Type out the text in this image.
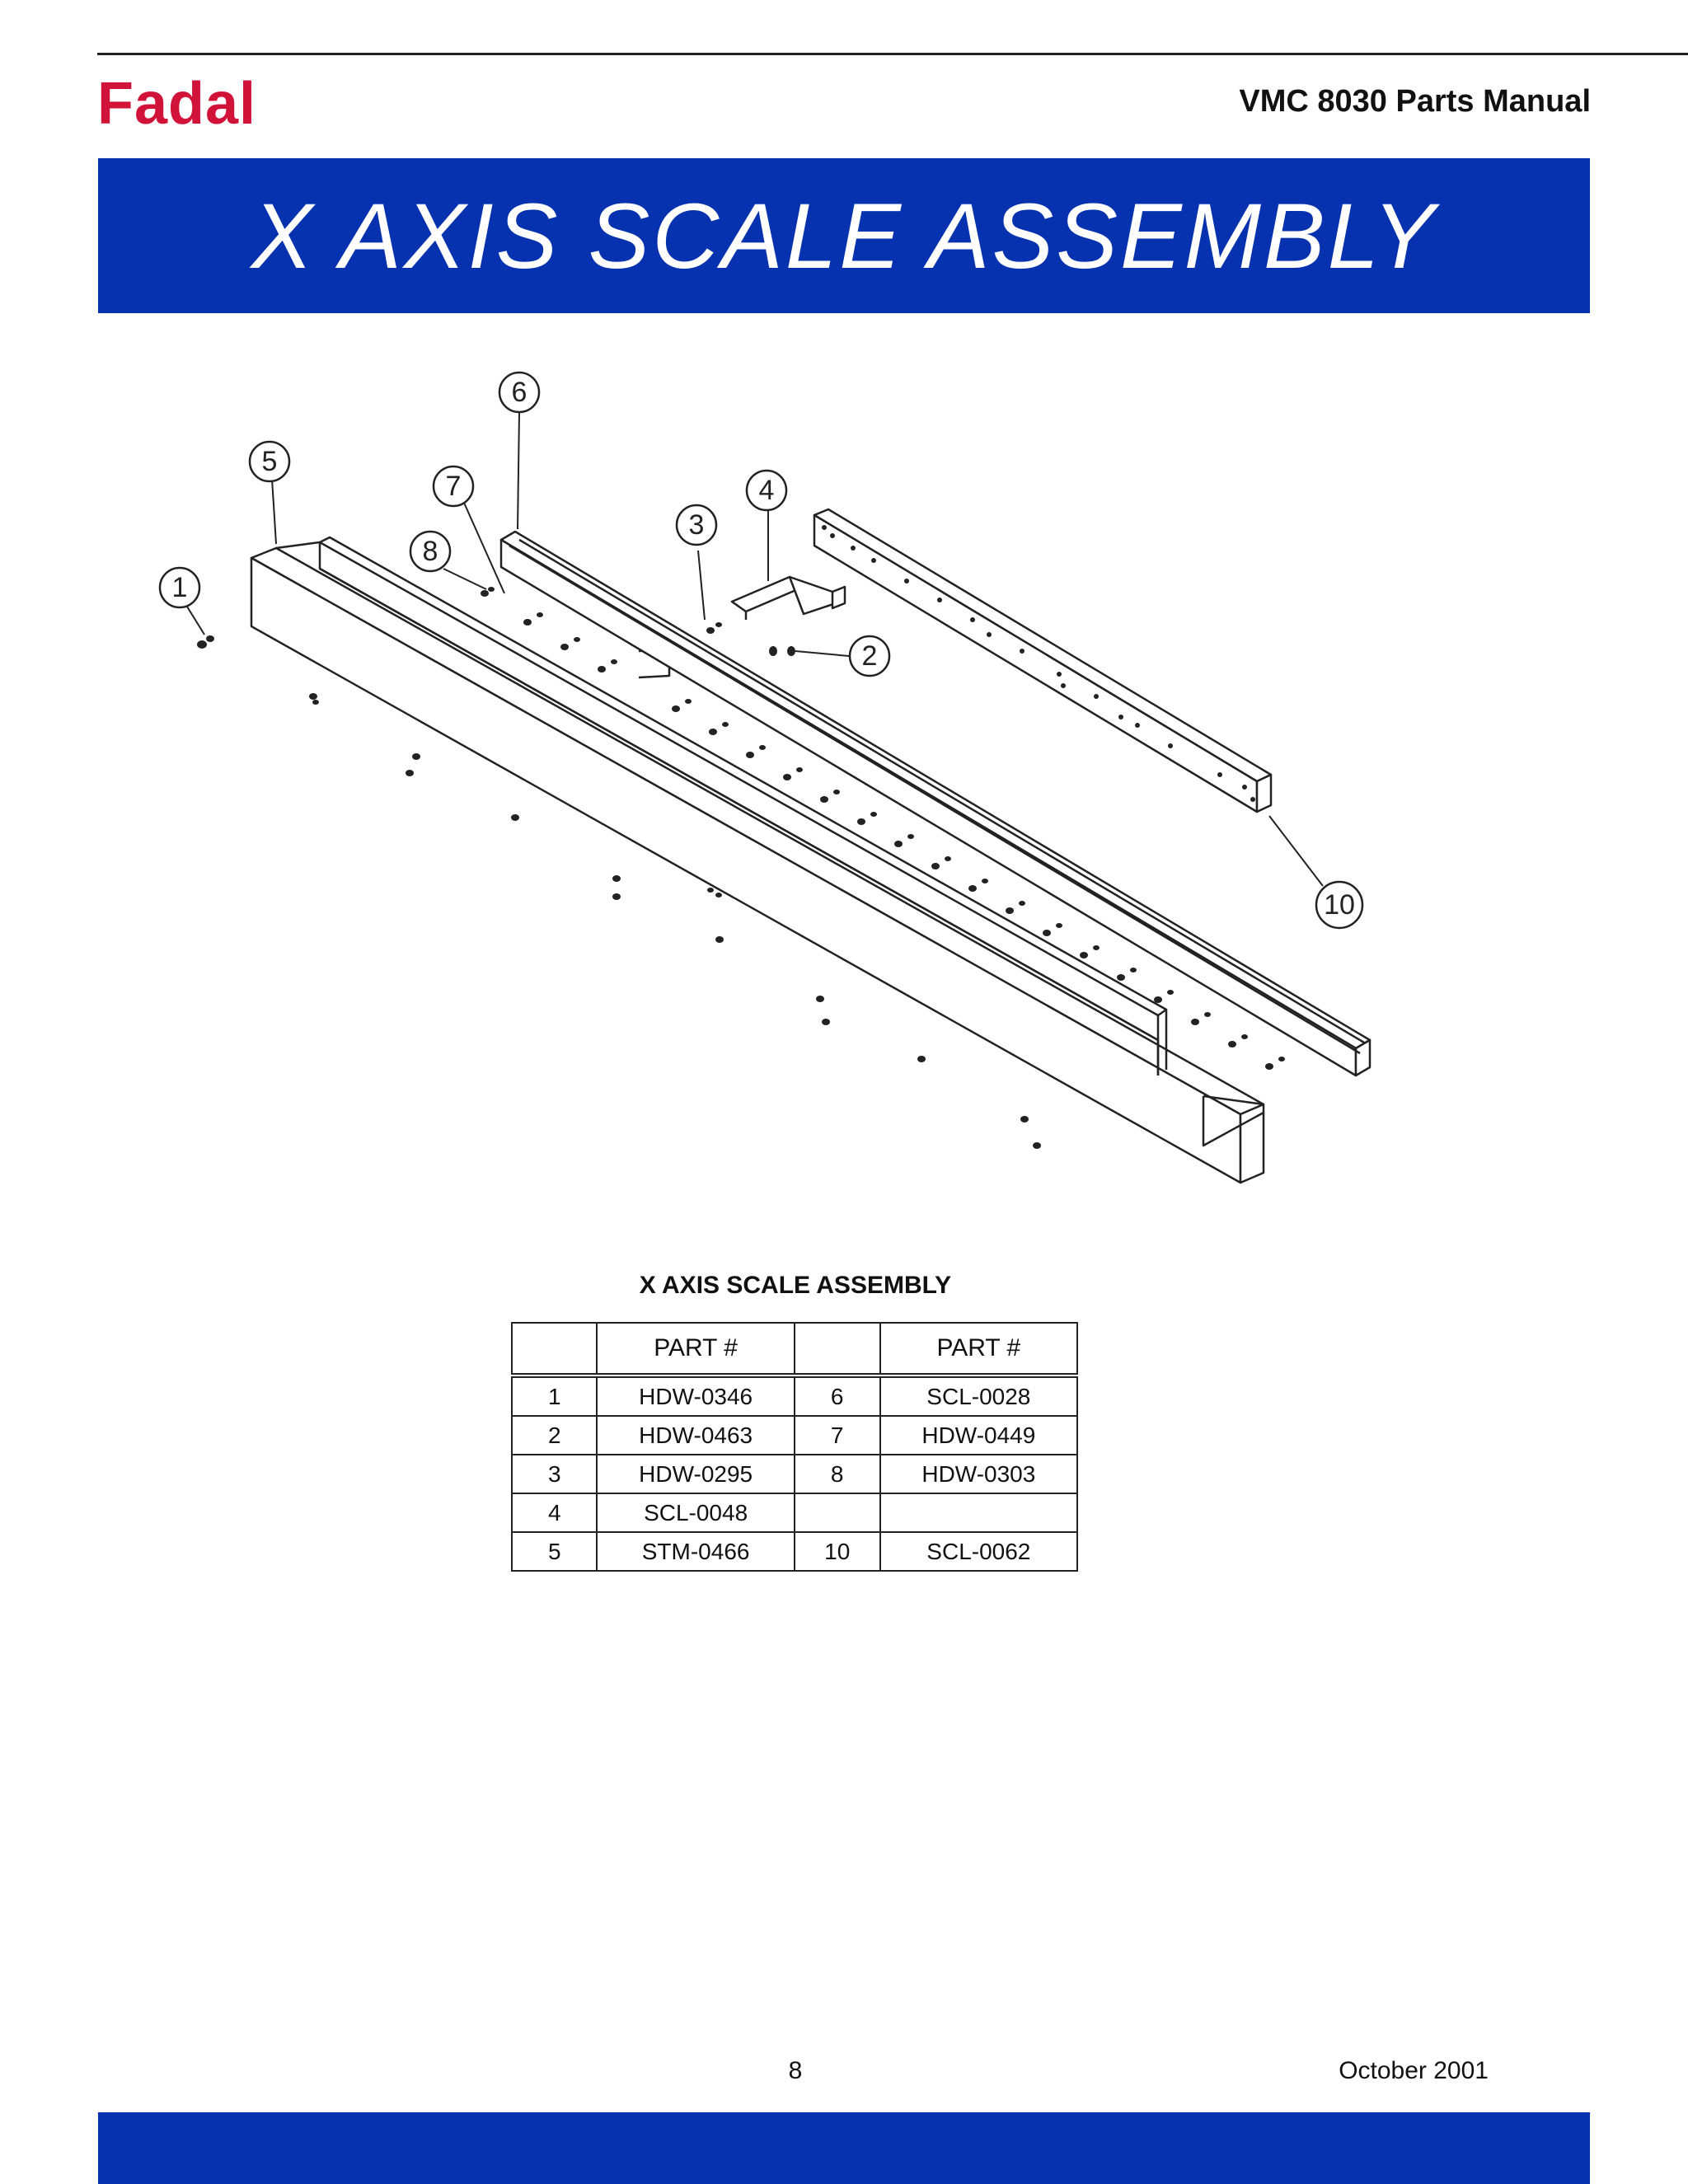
Fadal	VMC 8030 Parts Manual
X AXIS SCALE ASSEMBLY
1
2
3
4
5
6
7
8
10
X AXIS SCALE ASSEMBLY
	PART #		PART #
1	HDW-0346	6	SCL-0028
2	HDW-0463	7	HDW-0449
3	HDW-0295	8	HDW-0303
4	SCL-0048		
5	STM-0466	10	SCL-0062
8	October 2001
